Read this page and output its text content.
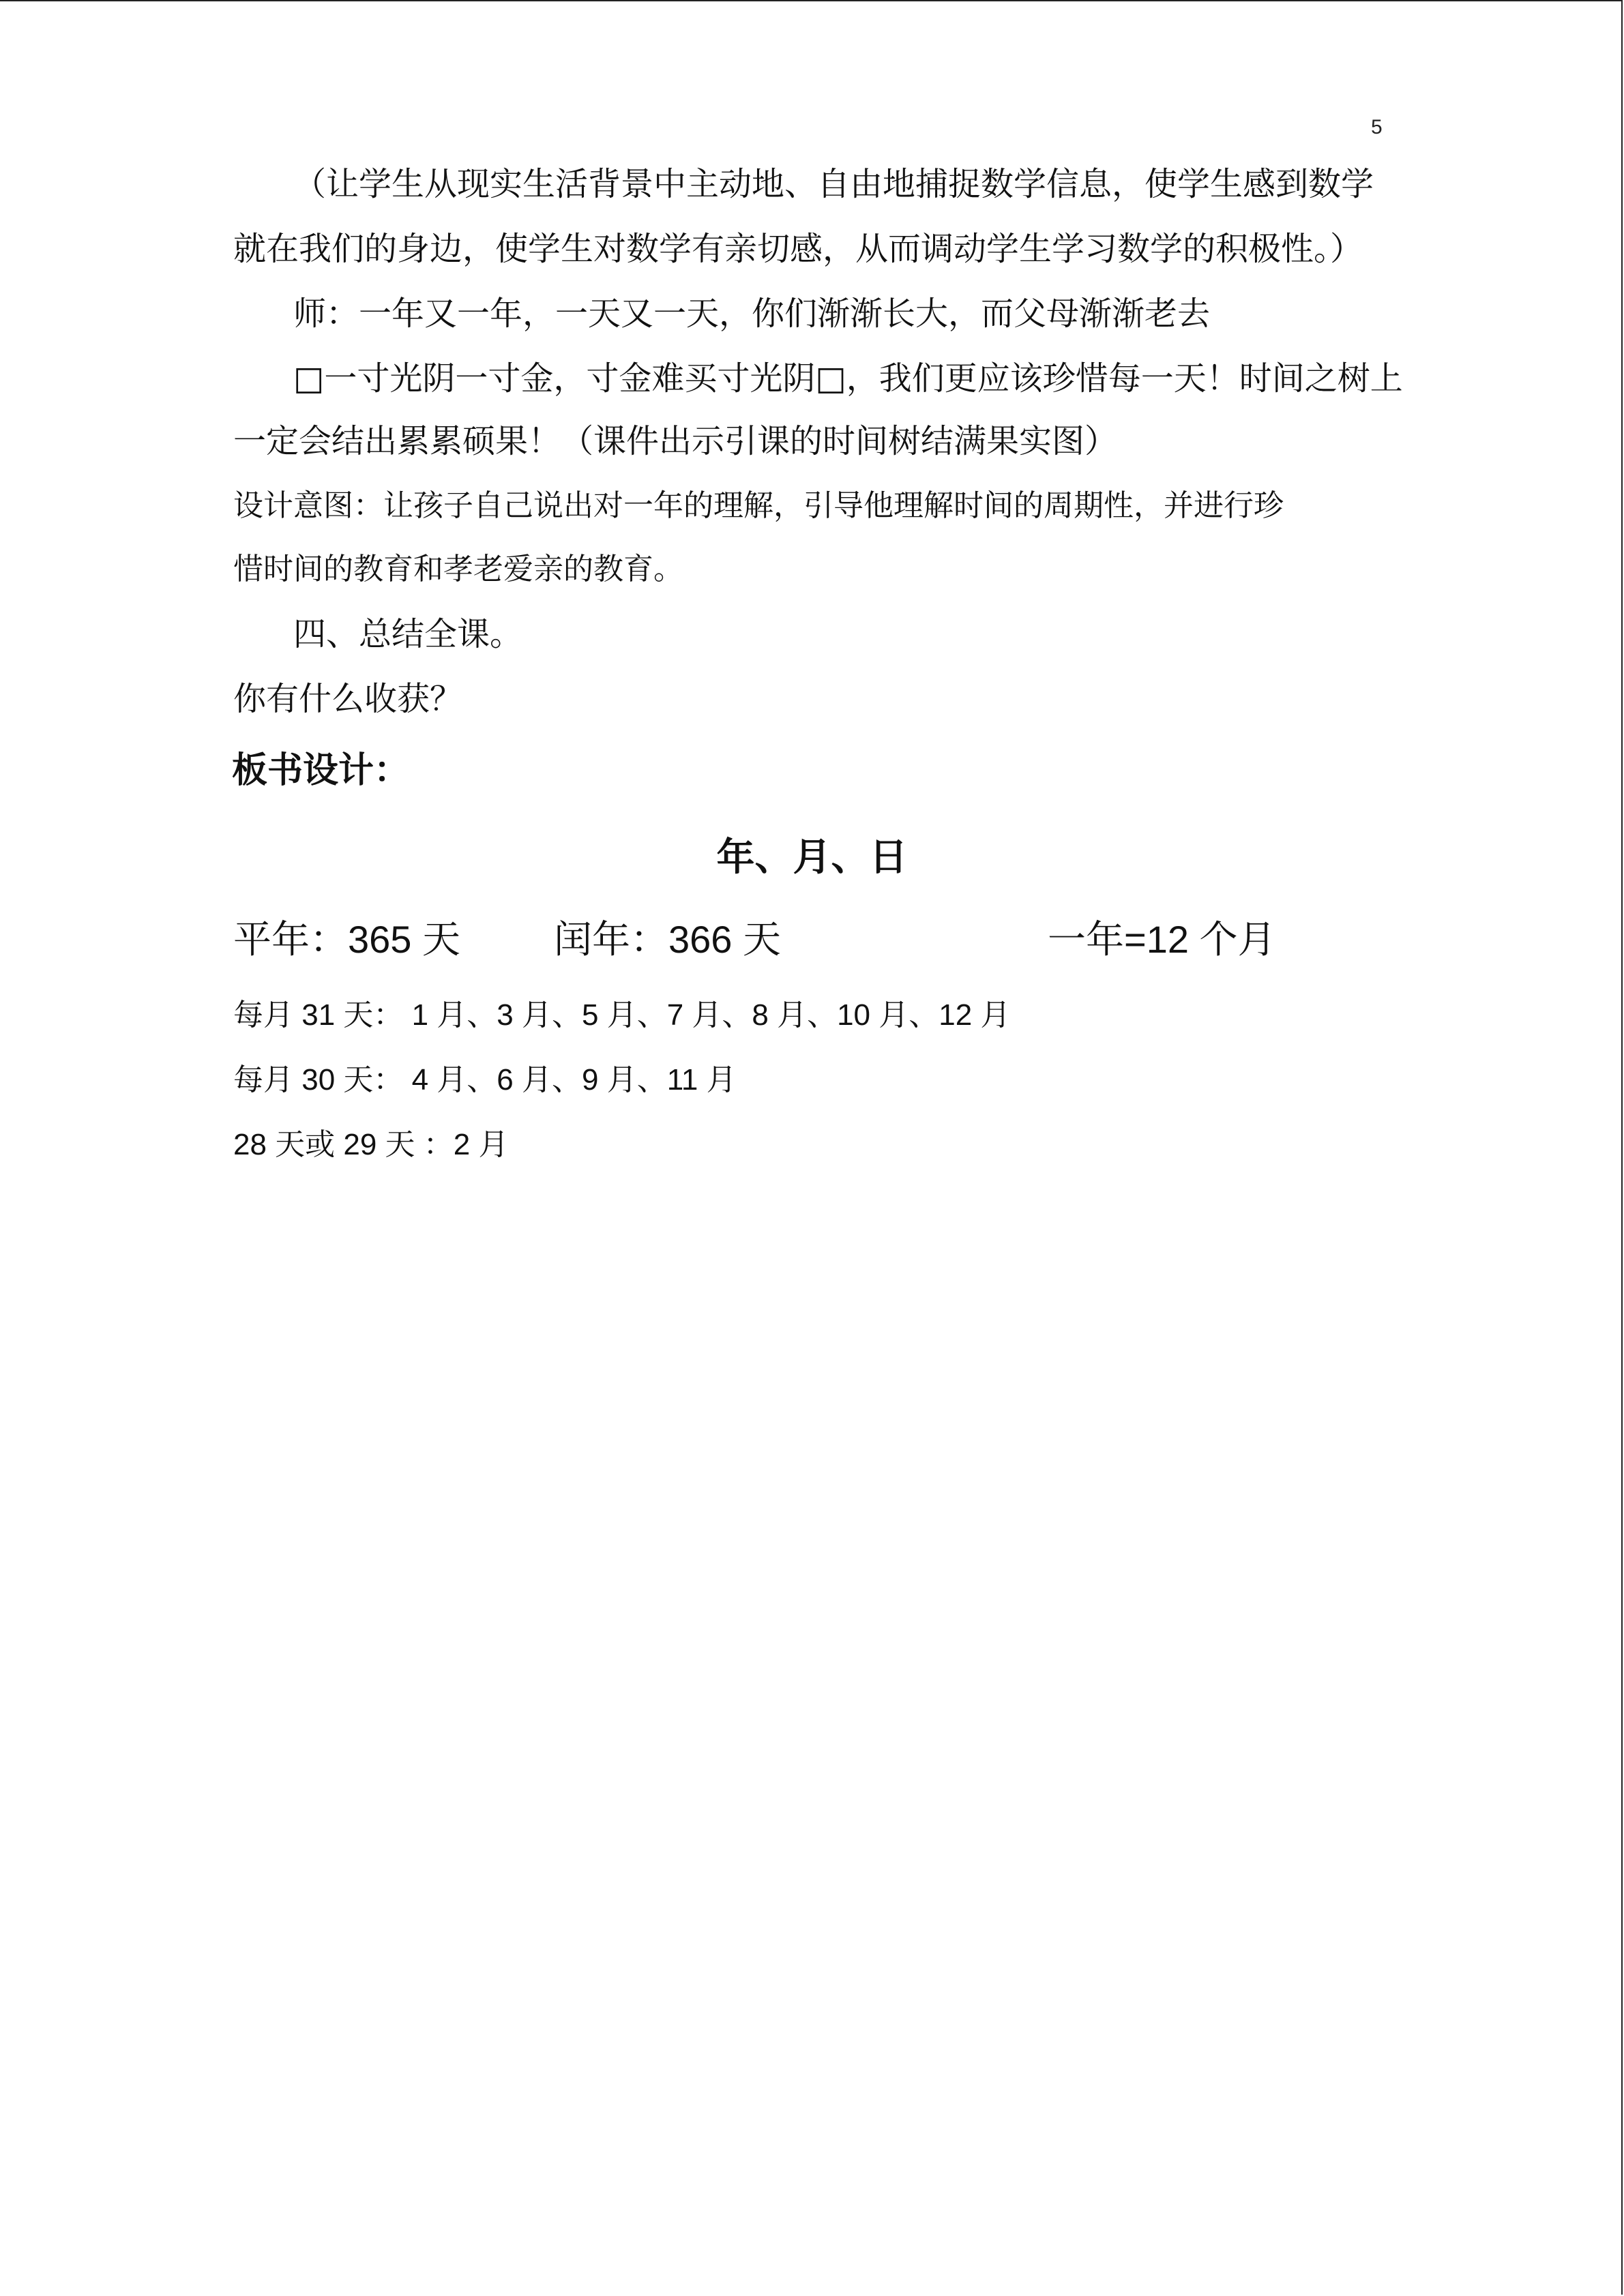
5
（让学生从现实生活背景中主动地、自由地捕捉数学信息，使学生感到数学
就在我们的身边，使学生对数学有亲切感，从而调动学生学习数学的积极性。）
师：一年又一年，一天又一天，你们渐渐长大，而父母渐渐老去
□一寸光阴一寸金，寸金难买寸光阴□，我们更应该珍惜每一天！时间之树上
一定会结出累累硕果！（课件出示引课的时间树结满果实图）
设计意图：让孩子自己说出对一年的理解，引导他理解时间的周期性，并进行珍
惜时间的教育和孝老爱亲的教育。
四、总结全课。
你有什么收获？
板书设计：
年、月、日
平年：365 天 闰年：366 天	一年=12 个月
每月 31 天： 1 月、3 月、5 月、7 月、8 月、10 月、12 月
每月 30 天： 4 月、6 月、9 月、11 月
28 天或 29 天 ：2 月
